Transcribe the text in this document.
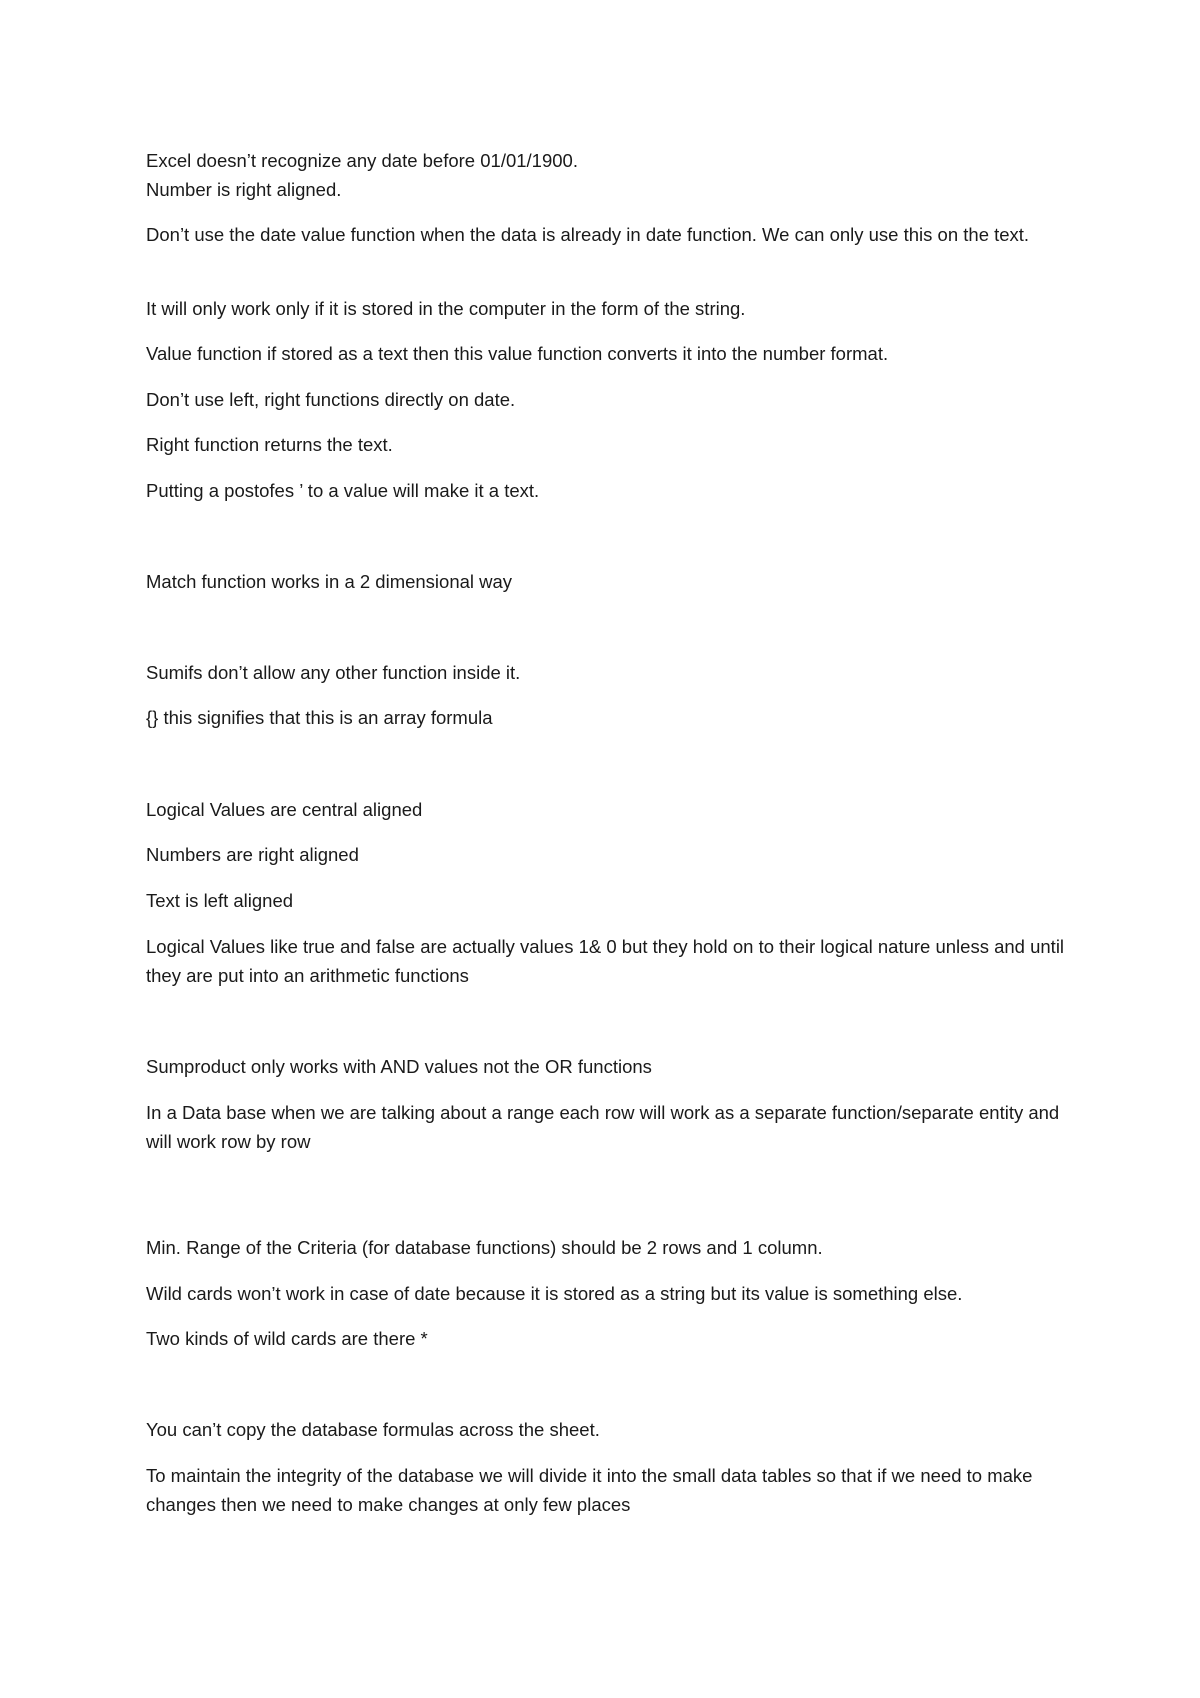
Excel doesn’t recognize any date before 01/01/1900.

Number is right aligned.

Don’t use the date value function when the data is already in date function. We can only use this on the text.

It will only work only if it is stored in the computer in the form of the string.

Value function if stored as a text then this value function converts it into the number format.

Don’t use left, right functions directly on date.

Right function returns the text.

Putting a postofes ’ to a value will make it a text.

Match function works in a 2 dimensional way

Sumifs don’t allow any other function inside it.

{} this signifies that this is an array formula

Logical Values are central aligned

Numbers are right aligned

Text is left aligned

Logical Values like true and false are actually values 1& 0 but they hold on to their logical nature unless and until they are put into an arithmetic functions

Sumproduct only works with AND values not the OR functions

In a Data base when we are talking about a range each row will work as a separate function/separate entity and will work row by row

Min. Range of the Criteria (for database functions) should be 2 rows and 1 column.

Wild cards won’t work in case of date because it is stored as a string but its value is something else.

Two kinds of wild cards are there *

You can’t copy the database formulas across the sheet.

To maintain the integrity of the database we will divide it into the small data tables so that if we need to make changes then we need to make changes at only few places
